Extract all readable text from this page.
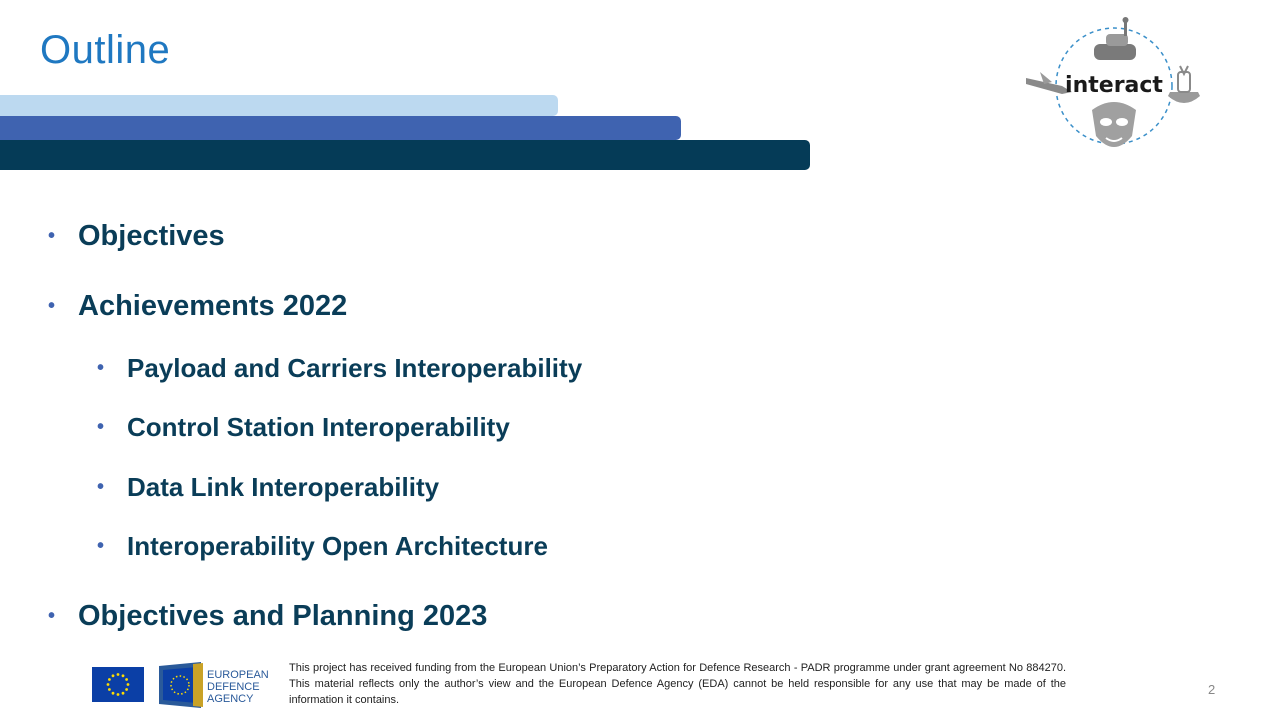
Outline
interact
• Objectives
• Achievements 2022
• Payload and Carriers Interoperability
• Control Station Interoperability
• Data Link Interoperability
• Interoperability Open Architecture
• Objectives and Planning 2023
EUROPEAN
DEFENCE
AGENCY
This project has received funding from the European Union’s Preparatory Action for Defence Research - PADR programme under grant agreement No 884270. This material reflects only the author’s view and the European Defence Agency (EDA) cannot be held responsible for any use that may be made of the information it contains.
2
